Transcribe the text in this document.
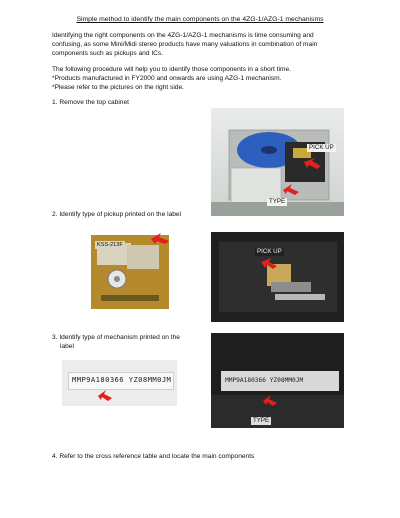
Simple method to identify the main components on the 4ZG-1/AZG-1 mechanisms
Identifying the right components on the 4ZG-1/AZG-1 mechanisms is time consuming and
confusing, as some Mini/Midi stereo products have many valuations in combination of main
components such as pickups and ICs.
The following procedure will help you to identify those components in a short time.
*Products manufactured in FY2000 and onwards are using AZG-1 mechanism.
*Please refer to the pictures on the right side.
1. Remove the top cabinet
2. Identify type of pickup printed on the label
3. Identify type of mechanism printed on the
label
4. Refer to the cross reference table and locate the main components
PICK UP
TYPE
KSS-213F
PICK UP
MMP9A180366 YZ08MM0JM	MMP9A180366 YZ08MM0JM
TYPE
